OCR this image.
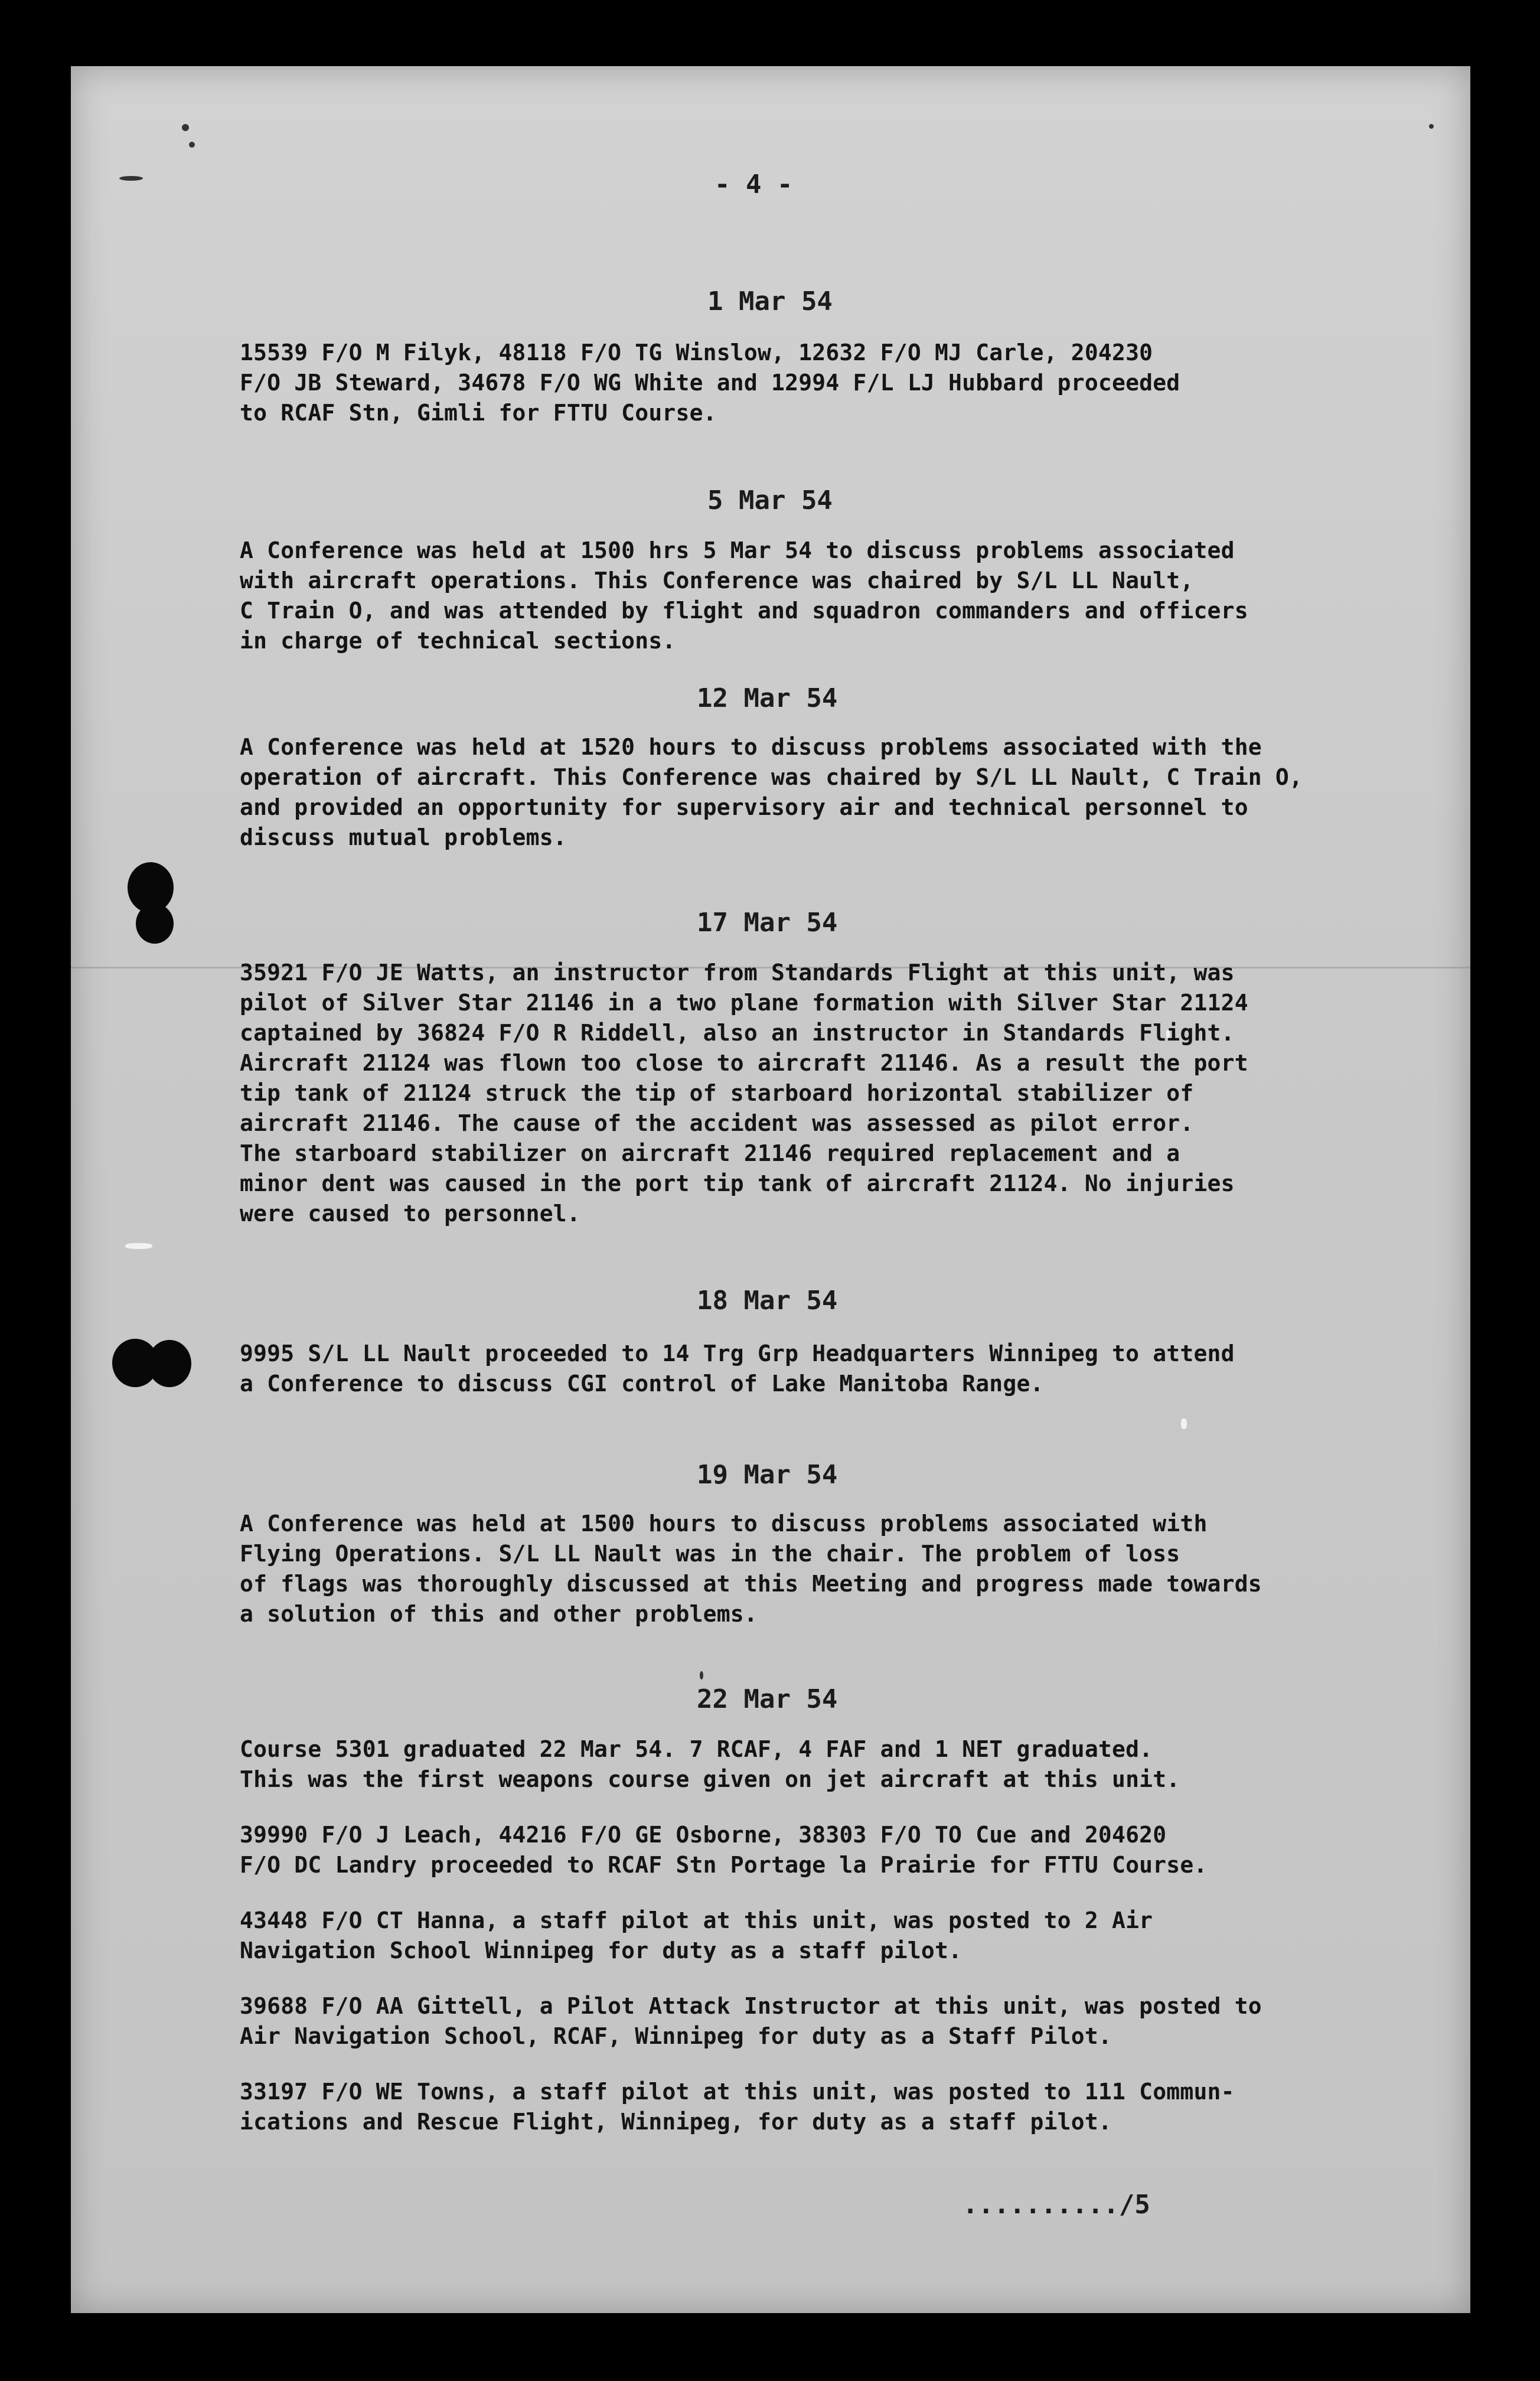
- 4 -
1 Mar 54
15539 F/O M Filyk, 48118 F/O TG Winslow, 12632 F/O MJ Carle, 204230
F/O JB Steward, 34678 F/O WG White and 12994 F/L LJ Hubbard proceeded
to RCAF Stn, Gimli for FTTU Course.
5 Mar 54
A Conference was held at 1500 hrs 5 Mar 54 to discuss problems associated
with aircraft operations. This Conference was chaired by S/L LL Nault,
C Train O, and was attended by flight and squadron commanders and officers
in charge of technical sections.
12 Mar 54
A Conference was held at 1520 hours to discuss problems associated with the
operation of aircraft. This Conference was chaired by S/L LL Nault, C Train O,
and provided an opportunity for supervisory air and technical personnel to
discuss mutual problems.
17 Mar 54
35921 F/O JE Watts, an instructor from Standards Flight at this unit, was
pilot of Silver Star 21146 in a two plane formation with Silver Star 21124
captained by 36824 F/O R Riddell, also an instructor in Standards Flight.
Aircraft 21124 was flown too close to aircraft 21146. As a result the port
tip tank of 21124 struck the tip of starboard horizontal stabilizer of
aircraft 21146. The cause of the accident was assessed as pilot error.
The starboard stabilizer on aircraft 21146 required replacement and a
minor dent was caused in the port tip tank of aircraft 21124. No injuries
were caused to personnel.
18 Mar 54
9995 S/L LL Nault proceeded to 14 Trg Grp Headquarters Winnipeg to attend
a Conference to discuss CGI control of Lake Manitoba Range.
19 Mar 54
A Conference was held at 1500 hours to discuss problems associated with
Flying Operations. S/L LL Nault was in the chair. The problem of loss
of flags was thoroughly discussed at this Meeting and progress made towards
a solution of this and other problems.
22 Mar 54
Course 5301 graduated 22 Mar 54. 7 RCAF, 4 FAF and 1 NET graduated.
This was the first weapons course given on jet aircraft at this unit.
39990 F/O J Leach, 44216 F/O GE Osborne, 38303 F/O TO Cue and 204620
F/O DC Landry proceeded to RCAF Stn Portage la Prairie for FTTU Course.
43448 F/O CT Hanna, a staff pilot at this unit, was posted to 2 Air
Navigation School Winnipeg for duty as a staff pilot.
39688 F/O AA Gittell, a Pilot Attack Instructor at this unit, was posted to
Air Navigation School, RCAF, Winnipeg for duty as a Staff Pilot.
33197 F/O WE Towns, a staff pilot at this unit, was posted to 111 Commun-
ications and Rescue Flight, Winnipeg, for duty as a staff pilot.
........../5
